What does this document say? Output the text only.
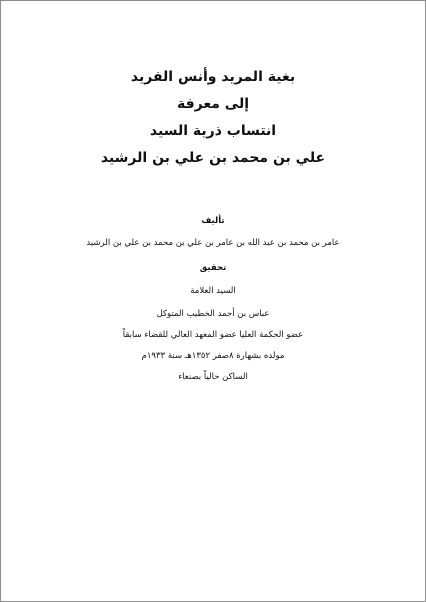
بغية المريد وأنس الفريد
إلى معرفة
انتساب ذرية السيد
علي بن محمد بن علي بن الرشيد
تأليف
عامر بن محمد بن عبد الله بن عامر بن علي بن محمد بن علي بن الرشيد
تحقيق
السيد العلامة
عباس بن أحمد الخطيب المتوكل
عضو الحكمة العليا عضو المعهد العالي للقضاء سابقاً
مولده بشهارة ٨صفر ١٣٥٢هـ سنة ١٩٣٣م
الساكن حالياً بصنعاء
